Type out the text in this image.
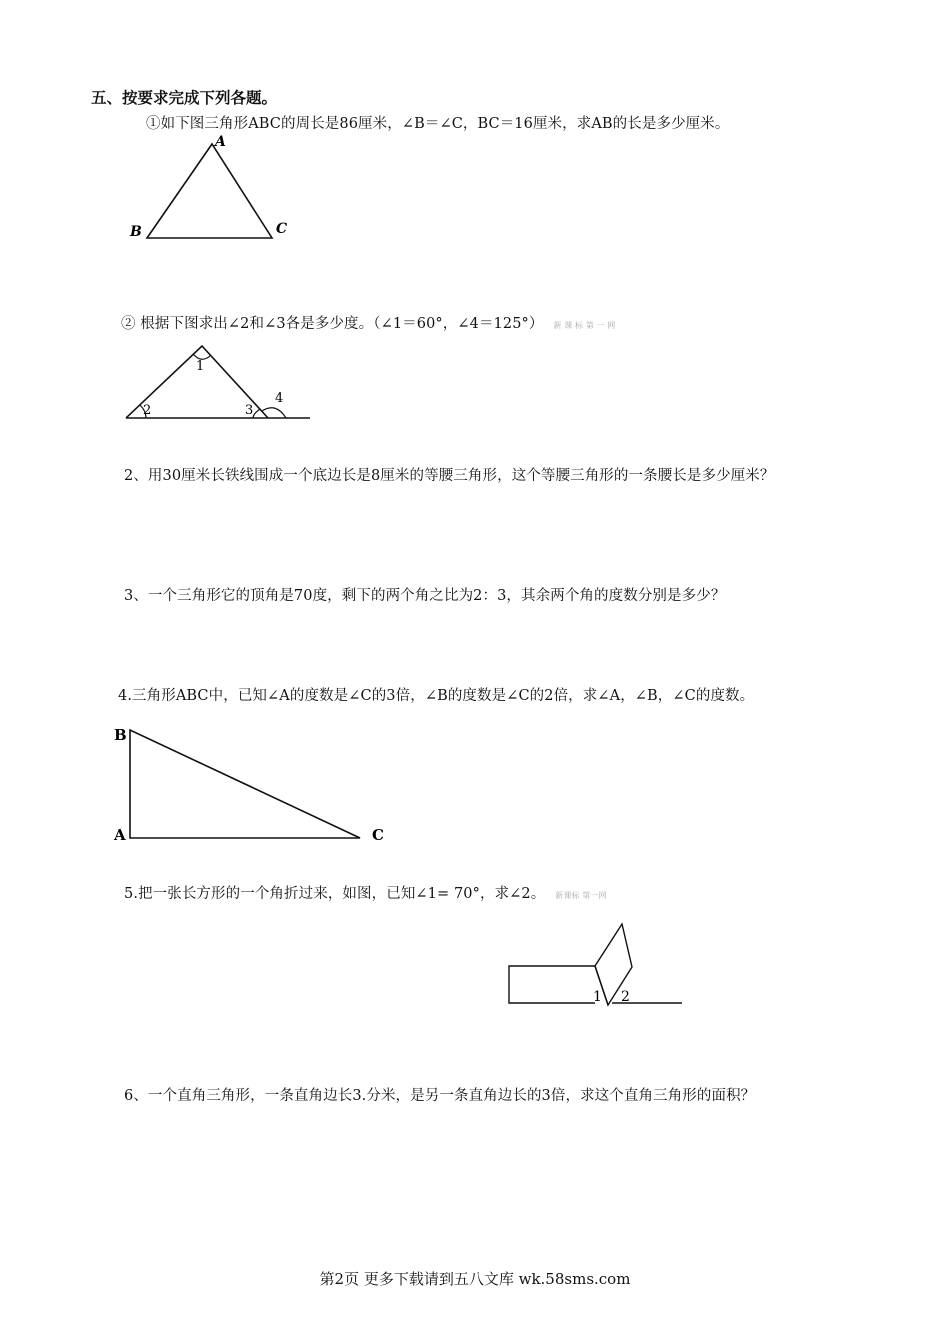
五、按要求完成下列各题。
①如下图三角形ABC的周长是86厘米，∠B＝∠C，BC＝16厘米，求AB的长是多少厘米。
A
B	C
② 根据下图求出∠2和∠3各是多少度。（∠1＝60°，∠4＝125°） 新 课 标 第 一 网
1
2	3
4
2、用30厘米长铁线围成一个底边长是8厘米的等腰三角形，这个等腰三角形的一条腰长是多少厘米？
3、一个三角形它的顶角是70度，剩下的两个角之比为2：3，其余两个角的度数分别是多少？
4.三角形ABC中，已知∠A的度数是∠C的3倍，∠B的度数是∠C的2倍，求∠A，∠B，∠C的度数。
B
A	C
5.把一张长方形的一个角折过来，如图，已知∠1= 70°，求∠2。 新课标 第一网
1 2
6、一个直角三角形，一条直角边长3.分米，是另一条直角边长的3倍，求这个直角三角形的面积？
第2页 更多下载请到五八文库 wk.58sms.com
